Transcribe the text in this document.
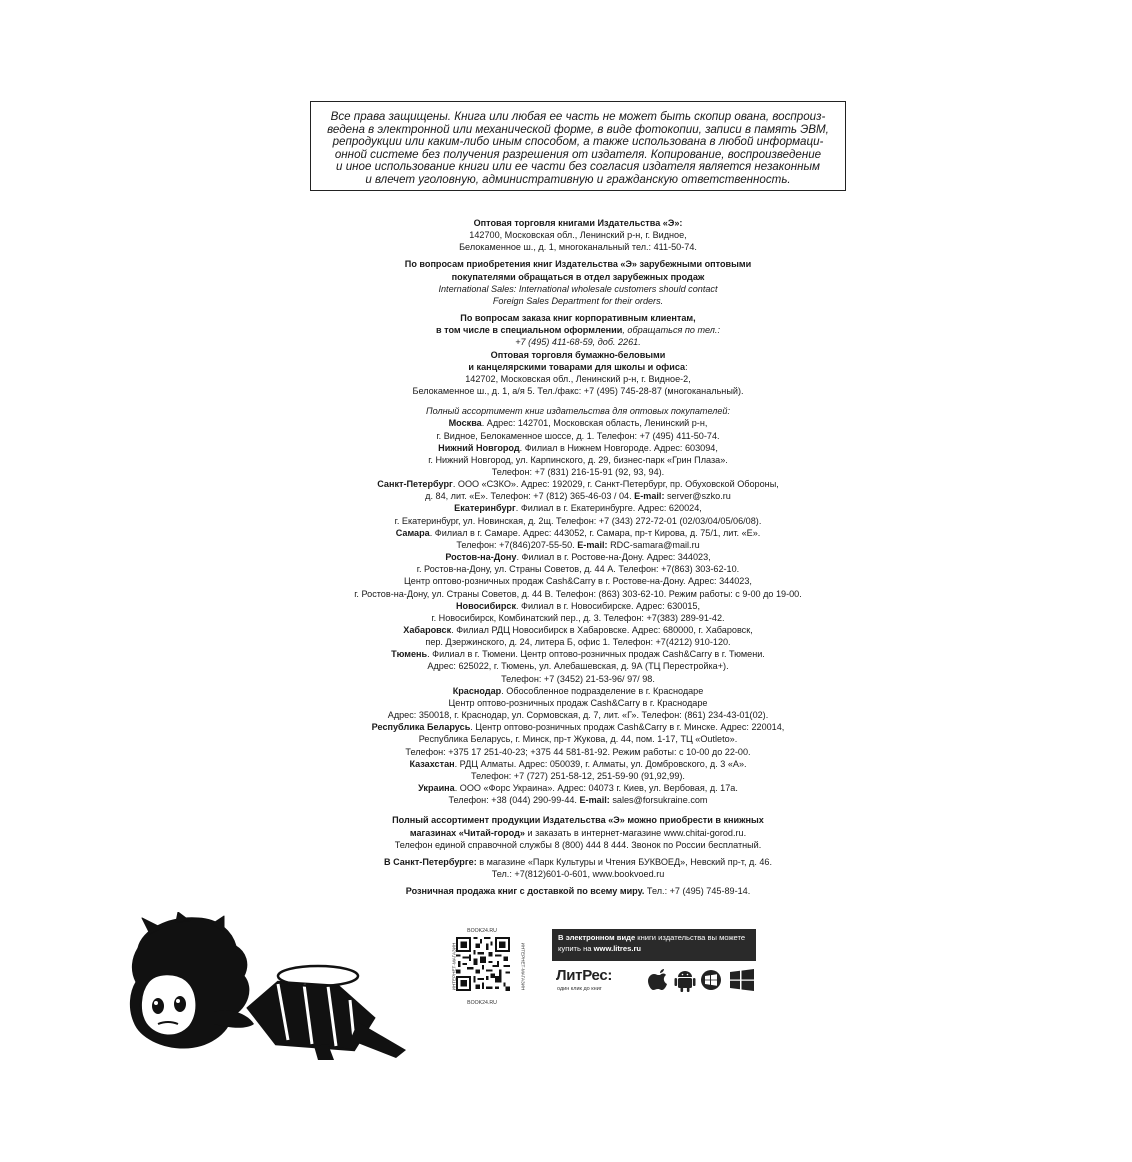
Все права защищены. Книга или любая ее часть не может быть скопир ована, воспроиз-
ведена в электронной или механической форме, в виде фотокопии, записи в память ЭВМ,
репродукции или каким-либо иным способом, а также использована в любой информаци-
онной системе без получения разрешения от издателя. Копирование, воспроизведение
и иное использование книги или ее части без согласия издателя является незаконным
и влечет уголовную, административную и гражданскую ответственность.
Оптовая торговля книгами Издательства «Э»:
142700, Московская обл., Ленинский р-н, г. Видное,
Белокаменное ш., д. 1, многоканальный тел.: 411-50-74.
По вопросам приобретения книг Издательства «Э» зарубежными оптовыми
покупателями обращаться в отдел зарубежных продаж
International Sales: International wholesale customers should contact
Foreign Sales Department for their orders.
По вопросам заказа книг корпоративным клиентам,
в том числе в специальном оформлении, обращаться по тел.:
+7 (495) 411-68-59, доб. 2261.
Оптовая торговля бумажно-беловыми
и канцелярскими товарами для школы и офиса:
142702, Московская обл., Ленинский р-н, г. Видное-2,
Белокаменное ш., д. 1, а/я 5. Тел./факс: +7 (495) 745-28-87 (многоканальный).
Полный ассортимент книг издательства для оптовых покупателей:
Москва. Адрес: 142701, Московская область, Ленинский р-н,
г. Видное, Белокаменное шоссе, д. 1. Телефон: +7 (495) 411-50-74.
Нижний Новгород. Филиал в Нижнем Новгороде. Адрес: 603094,
г. Нижний Новгород, ул. Карпинского, д. 29, бизнес-парк «Грин Плаза».
Телефон: +7 (831) 216-15-91 (92, 93, 94).
Санкт-Петербург. ООО «СЗКО». Адрес: 192029, г. Санкт-Петербург, пр. Обуховской Обороны,
д. 84, лит. «Е». Телефон: +7 (812) 365-46-03 / 04. E-mail: server@szko.ru
Екатеринбург. Филиал в г. Екатеринбурге. Адрес: 620024,
г. Екатеринбург, ул. Новинская, д. 2щ. Телефон: +7 (343) 272-72-01 (02/03/04/05/06/08).
Самара. Филиал в г. Самаре. Адрес: 443052, г. Самара, пр-т Кирова, д. 75/1, лит. «Е».
Телефон: +7(846)207-55-50. E-mail: RDC-samara@mail.ru
Ростов-на-Дону. Филиал в г. Ростове-на-Дону. Адрес: 344023,
г. Ростов-на-Дону, ул. Страны Советов, д. 44 А. Телефон: +7(863) 303-62-10.
Центр оптово-розничных продаж Cash&Carry в г. Ростове-на-Дону. Адрес: 344023,
г. Ростов-на-Дону, ул. Страны Советов, д. 44 В. Телефон: (863) 303-62-10. Режим работы: с 9-00 до 19-00.
Новосибирск. Филиал в г. Новосибирске. Адрес: 630015,
г. Новосибирск, Комбинатский пер., д. 3. Телефон: +7(383) 289-91-42.
Хабаровск. Филиал РДЦ Новосибирск в Хабаровске. Адрес: 680000, г. Хабаровск,
пер. Дзержинского, д. 24, литера Б, офис 1. Телефон: +7(4212) 910-120.
Тюмень. Филиал в г. Тюмени. Центр оптово-розничных продаж Cash&Carry в г. Тюмени.
Адрес: 625022, г. Тюмень, ул. Алебашевская, д. 9А (ТЦ Перестройка+).
Телефон: +7 (3452) 21-53-96/ 97/ 98.
Краснодар. Обособленное подразделение в г. Краснодаре
Центр оптово-розничных продаж Cash&Carry в г. Краснодаре
Адрес: 350018, г. Краснодар, ул. Сормовская, д. 7, лит. «Г». Телефон: (861) 234-43-01(02).
Республика Беларусь. Центр оптово-розничных продаж Cash&Carry в г. Минске. Адрес: 220014,
Республика Беларусь, г. Минск, пр-т Жукова, д. 44, пом. 1-17, ТЦ «Outleto».
Телефон: +375 17 251-40-23; +375 44 581-81-92. Режим работы: с 10-00 до 22-00.
Казахстан. РДЦ Алматы. Адрес: 050039, г. Алматы, ул. Домбровского, д. 3 «А».
Телефон: +7 (727) 251-58-12, 251-59-90 (91,92,99).
Украина. ООО «Форс Украина». Адрес: 04073 г. Киев, ул. Вербовая, д. 17а.
Телефон: +38 (044) 290-99-44. E-mail: sales@forsukraine.com
Полный ассортимент продукции Издательства «Э» можно приобрести в книжных
магазинах «Читай-город» и заказать в интернет-магазине www.chitai-gorod.ru.
Телефон единой справочной службы 8 (800) 444 8 444. Звонок по России бесплатный.
В Санкт-Петербурге: в магазине «Парк Культуры и Чтения БУКВОЕД», Невский пр-т, д. 46.
Тел.: +7(812)601-0-601, www.bookvoed.ru
Розничная продажа книг с доставкой по всему миру. Тел.: +7 (495) 745-89-14.
BOOK24.RU
ИНТЕРНЕТ-МАГАЗИН	ИНТЕРНЕТ-МАГАЗИН
BOOK24.RU
В электронном виде книги издательства вы можете
купить на www.litres.ru
ЛитРес:
один клик до книг
